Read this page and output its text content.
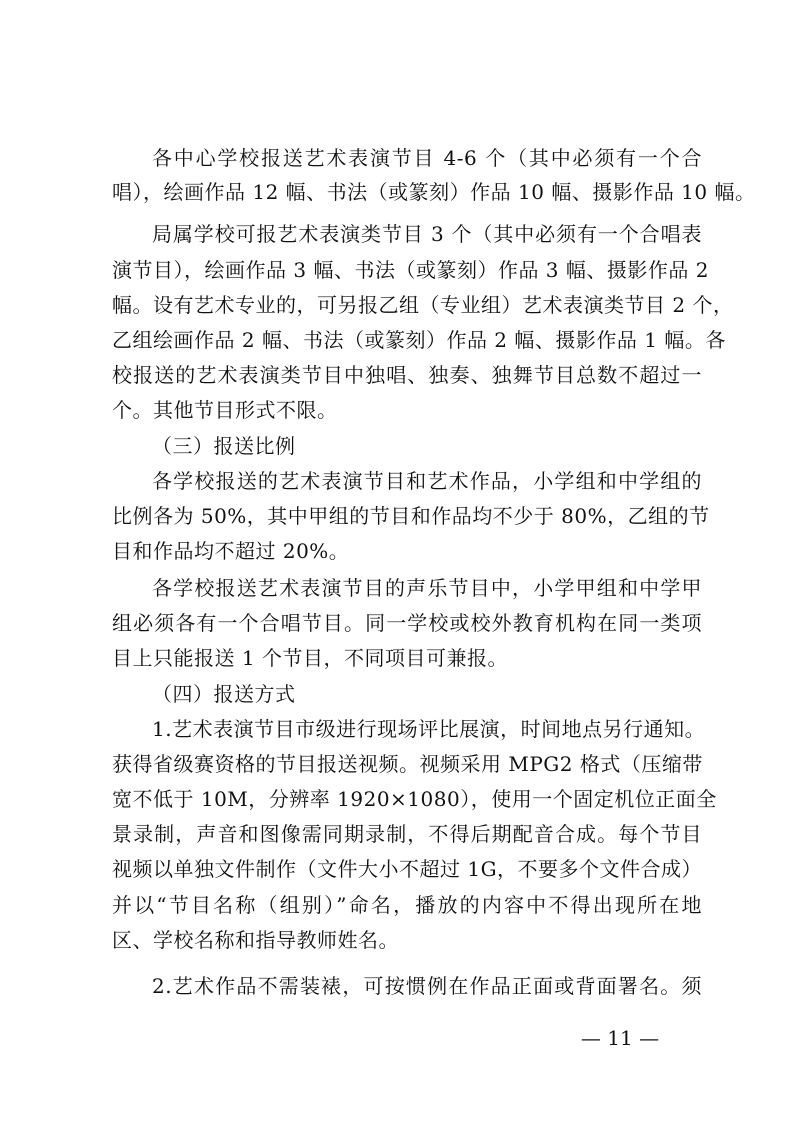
各中心学校报送艺术表演节目 4-6 个（其中必须有一个合
唱），绘画作品 12 幅、书法（或篆刻）作品 10 幅、摄影作品 10 幅。
局属学校可报艺术表演类节目 3 个（其中必须有一个合唱表
演节目），绘画作品 3 幅、书法（或篆刻）作品 3 幅、摄影作品 2
幅。设有艺术专业的，可另报乙组（专业组）艺术表演类节目 2 个，
乙组绘画作品 2 幅、书法（或篆刻）作品 2 幅、摄影作品 1 幅。各
校报送的艺术表演类节目中独唱、独奏、独舞节目总数不超过一
个。其他节目形式不限。
（三）报送比例
各学校报送的艺术表演节目和艺术作品，小学组和中学组的
比例各为 50%，其中甲组的节目和作品均不少于 80%，乙组的节
目和作品均不超过 20%。
各学校报送艺术表演节目的声乐节目中，小学甲组和中学甲
组必须各有一个合唱节目。同一学校或校外教育机构在同一类项
目上只能报送 1 个节目，不同项目可兼报。
（四）报送方式
1.艺术表演节目市级进行现场评比展演，时间地点另行通知。
获得省级赛资格的节目报送视频。视频采用 MPG2 格式（压缩带
宽不低于 10M，分辨率 1920×1080），使用一个固定机位正面全
景录制，声音和图像需同期录制，不得后期配音合成。每个节目
视频以单独文件制作（文件大小不超过 1G，不要多个文件合成）
并以“节目名称（组别）”命名，播放的内容中不得出现所在地
区、学校名称和指导教师姓名。
2.艺术作品不需装裱，可按惯例在作品正面或背面署名。须
— 11 —
